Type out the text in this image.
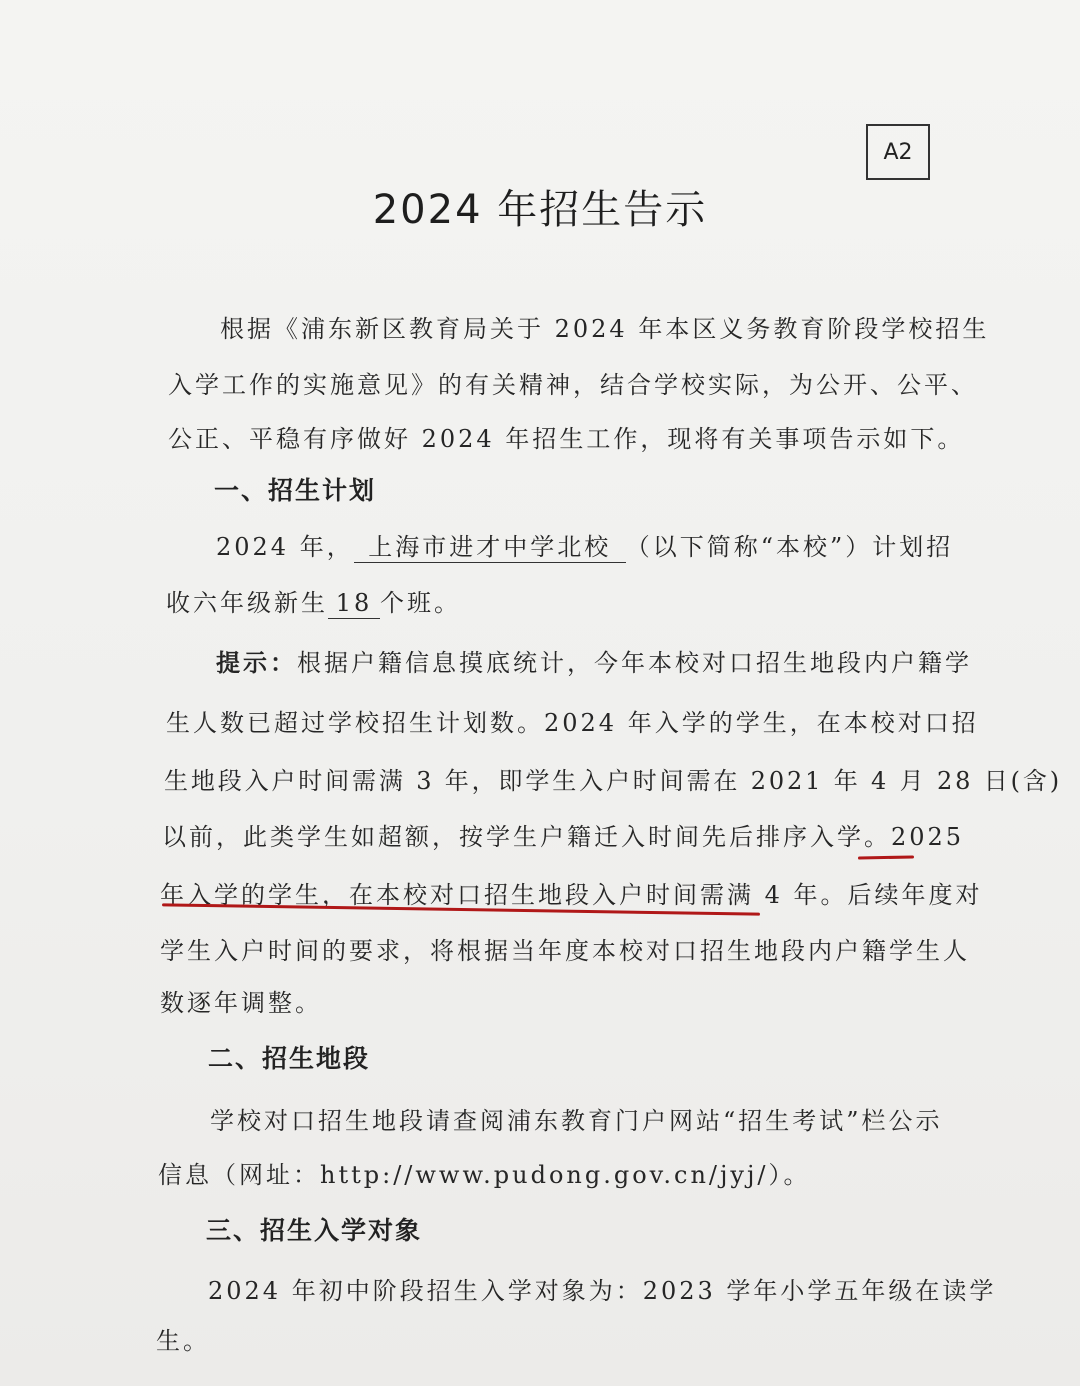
A2
2024 年招生告示
根据《浦东新区教育局关于 2024 年本区义务教育阶段学校招生
入学工作的实施意见》的有关精神，结合学校实际，为公开、公平、
公正、平稳有序做好 2024 年招生工作，现将有关事项告示如下。
一、招生计划
2024 年， 上海市进才中学北校 （以下简称“本校”）计划招
收六年级新生 18 个班。
提示：根据户籍信息摸底统计，今年本校对口招生地段内户籍学
生人数已超过学校招生计划数。2024 年入学的学生，在本校对口招
生地段入户时间需满 3 年，即学生入户时间需在 2021 年 4 月 28 日(含)
以前，此类学生如超额，按学生户籍迁入时间先后排序入学。2025
年入学的学生，在本校对口招生地段入户时间需满 4 年。后续年度对
学生入户时间的要求，将根据当年度本校对口招生地段内户籍学生人
数逐年调整。
二、招生地段
学校对口招生地段请查阅浦东教育门户网站“招生考试”栏公示
信息（网址：http://www.pudong.gov.cn/jyj/）。
三、招生入学对象
2024 年初中阶段招生入学对象为：2023 学年小学五年级在读学
生。
